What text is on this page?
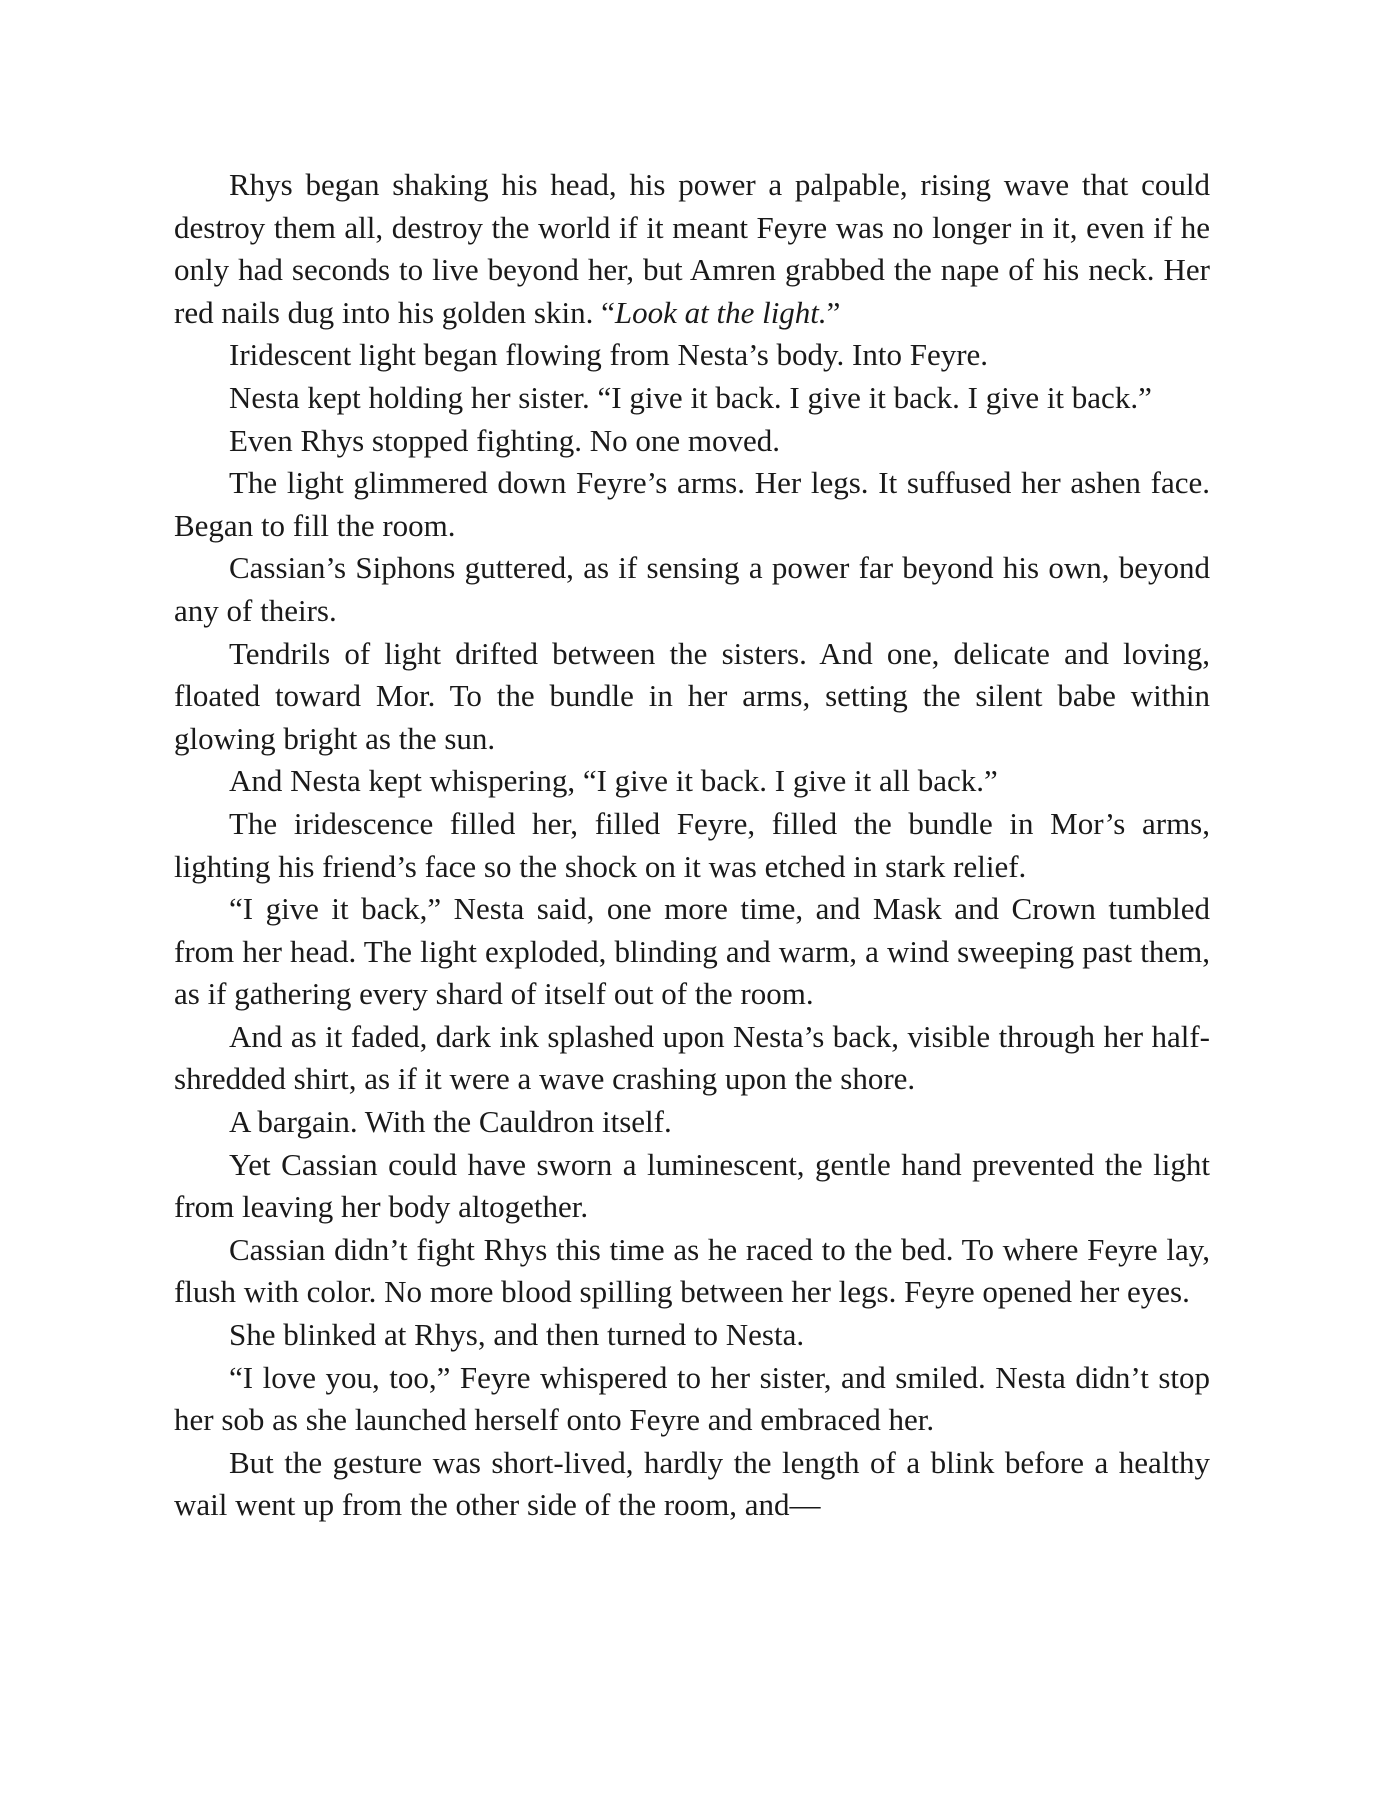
Rhys began shaking his head, his power a palpable, rising wave that could destroy them all, destroy the world if it meant Feyre was no longer in it, even if he only had seconds to live beyond her, but Amren grabbed the nape of his neck. Her red nails dug into his golden skin. “Look at the light.”

Iridescent light began flowing from Nesta’s body. Into Feyre.

Nesta kept holding her sister. “I give it back. I give it back. I give it back.”

Even Rhys stopped fighting. No one moved.

The light glimmered down Feyre’s arms. Her legs. It suffused her ashen face. Began to fill the room.

Cassian’s Siphons guttered, as if sensing a power far beyond his own, beyond any of theirs.

Tendrils of light drifted between the sisters. And one, delicate and loving, floated toward Mor. To the bundle in her arms, setting the silent babe within glowing bright as the sun.

And Nesta kept whispering, “I give it back. I give it all back.”

The iridescence filled her, filled Feyre, filled the bundle in Mor’s arms, lighting his friend’s face so the shock on it was etched in stark relief.

“I give it back,” Nesta said, one more time, and Mask and Crown tumbled from her head. The light exploded, blinding and warm, a wind sweeping past them, as if gathering every shard of itself out of the room.

And as it faded, dark ink splashed upon Nesta’s back, visible through her half-shredded shirt, as if it were a wave crashing upon the shore.

A bargain. With the Cauldron itself.

Yet Cassian could have sworn a luminescent, gentle hand prevented the light from leaving her body altogether.

Cassian didn’t fight Rhys this time as he raced to the bed. To where Feyre lay, flush with color. No more blood spilling between her legs. Feyre opened her eyes.

She blinked at Rhys, and then turned to Nesta.

“I love you, too,” Feyre whispered to her sister, and smiled. Nesta didn’t stop her sob as she launched herself onto Feyre and embraced her.

But the gesture was short-lived, hardly the length of a blink before a healthy wail went up from the other side of the room, and—
